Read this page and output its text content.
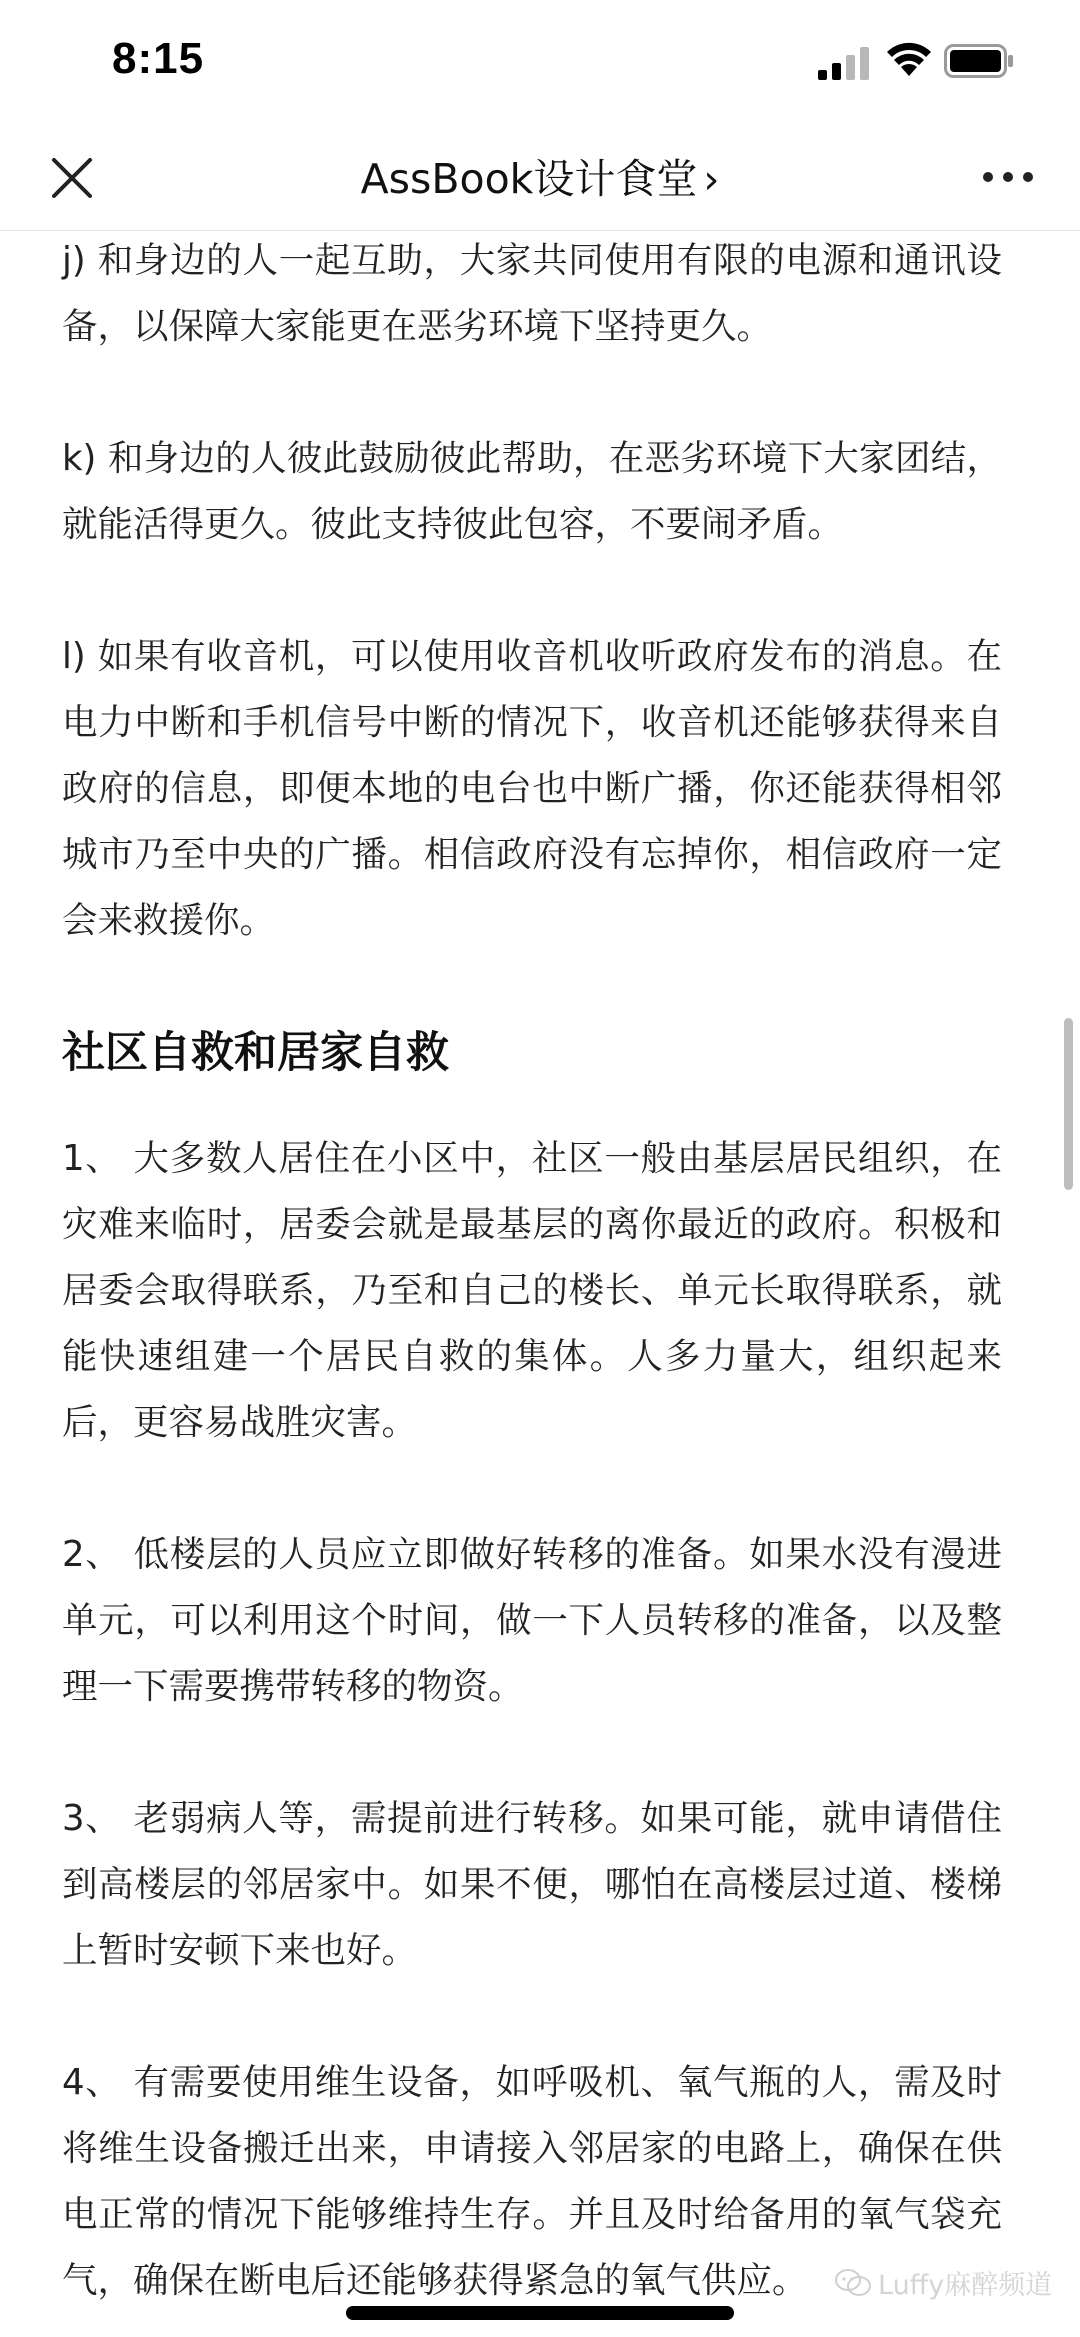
8:15
AssBook设计食堂 ›

j) 和身边的人一起互助，大家共同使用有限的电源和通讯设备，以保障大家能更在恶劣环境下坚持更久。

k) 和身边的人彼此鼓励彼此帮助，在恶劣环境下大家团结，就能活得更久。彼此支持彼此包容，不要闹矛盾。

l) 如果有收音机，可以使用收音机收听政府发布的消息。在电力中断和手机信号中断的情况下，收音机还能够获得来自政府的信息，即便本地的电台也中断广播，你还能获得相邻城市乃至中央的广播。相信政府没有忘掉你，相信政府一定会来救援你。

社区自救和居家自救

1、 大多数人居住在小区中，社区一般由基层居民组织，在灾难来临时，居委会就是最基层的离你最近的政府。积极和居委会取得联系，乃至和自己的楼长、单元长取得联系，就能快速组建一个居民自救的集体。人多力量大，组织起来后，更容易战胜灾害。

2、 低楼层的人员应立即做好转移的准备。如果水没有漫进单元，可以利用这个时间，做一下人员转移的准备，以及整理一下需要携带转移的物资。

3、 老弱病人等，需提前进行转移。如果可能，就申请借住到高楼层的邻居家中。如果不便，哪怕在高楼层过道、楼梯上暂时安顿下来也好。

4、 有需要使用维生设备，如呼吸机、氧气瓶的人，需及时将维生设备搬迁出来，申请接入邻居家的电路上，确保在供电正常的情况下能够维持生存。并且及时给备用的氧气袋充气，确保在断电后还能够获得紧急的氧气供应。	Luffy麻醉频道
